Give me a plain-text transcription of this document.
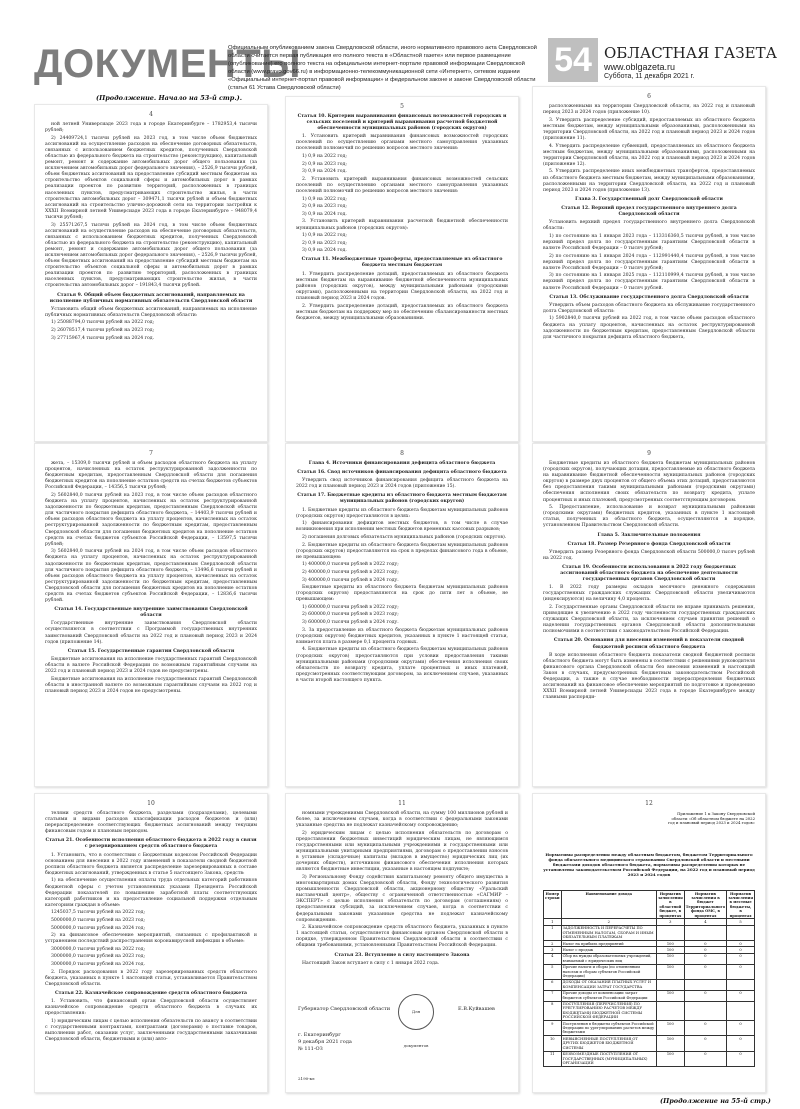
ДОКУМЕНТЫ
Официальным опубликованием закона Свердловской области, иного нормативного правового акта Свердловской области считается первая публикация его полного текста в «Областной газете» или первое размещение (опубликование) его полного текста на официальном интернет-портале правовой информации Свердловской области (www.pravo.gov66.ru) в информационно-телекоммуникационной сети «Интернет», сетевом издании «Официальный интернет-портал правовой информации» и федеральном законе и законе Свердловской области (статья 61 Устава Свердловской области)
54 ОБЛАСТНАЯ ГАЗЕТА
www.oblgazeta.ru
Суббота, 11 декабря 2021 г.
(Продолжение. Начало на 53-й стр.).
4

ной летней Универсиаде 2023 года в городе Екатеринбурге – 1782953,4 тысячи рублей;

2) 24409724,1 тысячи рублей на 2023 год, в том числе объем бюджетных ассигнований на осуществление расходов на обеспечение договорных обязательств, связанных с использованием бюджетных кредитов, полученных Свердловской областью из федерального бюджета на строительство (реконструкцию), капитальный ремонт, ремонт и содержание автомобильных дорог общего пользования (за исключением автомобильных дорог федерального значения), – 2526,9 тысячи рублей, объем бюджетных ассигнований на предоставление субсидий местным бюджетам на строительство объектов социальной сферы и автомобильных дорог в рамках реализации проектов по развитию территорий, расположенных в границах населенных пунктов, предусматривающих строительство жилья, в части строительства автомобильных дорог – 309471,1 тысячи рублей и объем бюджетных ассигнований на строительство улично-дорожной сети на территории застройки к XXXII Всемирной летней Универсиаде 2023 года в городе Екатеринбурге – 948079,4 тысячи рублей;

3) 25571267,5 тысячи рублей на 2024 год, в том числе объем бюджетных ассигнований на осуществление расходов на обеспечение договорных обязательств, связанных с использованием бюджетных кредитов, полученных Свердловской областью из федерального бюджета на строительство (реконструкцию), капитальный ремонт, ремонт и содержание автомобильных дорог общего пользования (за исключением автомобильных дорог федерального значения), – 2526,9 тысячи рублей, объем бюджетных ассигнований на предоставление субсидий местным бюджетам на строительство объектов социальной сферы и автомобильных дорог в рамках реализации проектов по развитию территорий, расположенных в границах населенных пунктов, предусматривающих строительство жилья, в части строительства автомобильных дорог – 191843,4 тысячи рублей.

Статья 9. Общий объем бюджетных ассигнований, направляемых на исполнение публичных нормативных обязательств Свердловской области

Установить общий объем бюджетных ассигнований, направляемых на исполнение публичных нормативных обязательств Свердловской области:

1) 25088794,0 тысячи рублей на 2022 год;

2) 26078517,4 тысячи рублей на 2023 год;

3) 27715967,4 тысячи рублей на 2024 год.

5
Статья 10. Критерии выравнивания финансовых возможностей городских и сельских поселений и критерий выравнивания расчетной бюджетной обеспеченности муниципальных районов (городских округов)

1. Установить критерий выравнивания финансовых возможностей городских поселений по осуществлению органами местного самоуправления указанных поселений полномочий по решению вопросов местного значения:

1) 0,9 на 2022 год;

2) 0,9 на 2023 год;

3) 0,9 на 2024 год.

2. Установить критерий выравнивания финансовых возможностей сельских поселений по осуществлению органами местного самоуправления указанных поселений полномочий по решению вопросов местного значения:

1) 0,9 на 2022 год;

2) 0,9 на 2023 год;

3) 0,9 на 2024 год.

3. Установить критерий выравнивания расчетной бюджетной обеспеченности муниципальных районов (городских округов):

1) 0,9 на 2022 год;

2) 0,9 на 2023 год;

3) 0,9 на 2024 год.

Статья 11. Межбюджетные трансферты, предоставляемые из областного бюджета местным бюджетам

1. Утвердить распределение дотаций, предоставляемых из областного бюджета местным бюджетам на выравнивание бюджетной обеспеченности муниципальных районов (городских округов), между муниципальными районами (городскими округами), расположенными на территории Свердловской области, на 2022 год и плановый период 2023 и 2024 годов.

2. Утвердить распределение дотаций, предоставляемых из областного бюджета местным бюджетам на поддержку мер по обеспечению сбалансированности местных бюджетов, между муниципальными образованиями.

6

расположенными на территории Свердловской области, на 2022 год и плановый период 2023 и 2024 годов (приложение 10).

3. Утвердить распределение субсидий, предоставляемых из областного бюджета местным бюджетам, между муниципальными образованиями, расположенными на территории Свердловской области, на 2022 год и плановый период 2023 и 2024 годов (приложение 11).

4. Утвердить распределение субвенций, предоставляемых из областного бюджета местным бюджетам, между муниципальными образованиями, расположенными на территории Свердловской области, на 2022 год и плановый период 2023 и 2024 годов (приложение 12).

5. Утвердить распределение иных межбюджетных трансфертов, предоставляемых из областного бюджета местным бюджетам, между муниципальными образованиями, расположенными на территории Свердловской области, на 2022 год и плановый период 2023 и 2024 годов (приложение 13).

Глава 3. Государственный долг Свердловской области
Статья 12. Верхний предел государственного внутреннего долга Свердловской области

Установить верхний предел государственного внутреннего долга Свердловской области:

1) по состоянию на 1 января 2023 года – 113316360,5 тысячи рублей, в том числе верхний предел долга по государственным гарантиям Свердловской области в валюте Российской Федерации – 0 тысяч рублей;

2) по состоянию на 1 января 2024 года – 112991440,4 тысячи рублей, в том числе верхний предел долга по государственным гарантиям Свердловской области в валюте Российской Федерации – 0 тысяч рублей;

3) по состоянию на 1 января 2025 года – 112110999,4 тысячи рублей, в том числе верхний предел долга по государственным гарантиям Свердловской области в валюте Российской Федерации – 0 тысяч рублей.

Статья 13. Обслуживание государственного долга Свердловской области

Утвердить объем расходов областного бюджета на обслуживание государственного долга Свердловской области:

1) 5902840,0 тысячи рублей на 2022 год, в том числе объем расходов областного бюджета на уплату процентов, начисленных на остаток реструктурированной задолженности по бюджетным кредитам, предоставленным Свердловской области для частичного покрытия дефицита областного бюджета,

7

жета, – 15309,0 тысячи рублей и объем расходов областного бюджета на уплату процентов, начисленных на остаток реструктурированной задолженности по бюджетным кредитам, предоставленным Свердловской области для погашения бюджетных кредитов на пополнение остатков средств на счетах бюджетов субъектов Российской Федерации, – 14356,5 тысячи рублей;

2) 5602840,0 тысячи рублей на 2023 год, в том числе объем расходов областного бюджета на уплату процентов, начисленных на остаток реструктурированной задолженности по бюджетным кредитам, предоставленным Свердловской области для частичного покрытия дефицита областного бюджета, – 14403,9 тысячи рублей и объем расходов областного бюджета на уплату процентов, начисленных на остаток реструктурированной задолженности по бюджетным кредитам, предоставленным Свердловской области для погашения бюджетных кредитов на пополнение остатков средств на счетах бюджетов субъектов Российской Федерации, – 13597,5 тысячи рублей;

3) 5602840,0 тысячи рублей на 2024 год, в том числе объем расходов областного бюджета на уплату процентов, начисленных на остаток реструктурированной задолженности по бюджетным кредитам, предоставленным Свердловской области для частичного покрытия дефицита областного бюджета, – 13496,6 тысячи рублей и объем расходов областного бюджета на уплату процентов, начисленных на остаток реструктурированной задолженности по бюджетным кредитам, предоставленным Свердловской области для погашения бюджетных кредитов на пополнение остатков средств на счетах бюджетов субъектов Российской Федерации, – 12836,6 тысячи рублей.

Статья 14. Государственные внутренние заимствования Свердловской области

Государственные внутренние заимствования Свердловской области осуществляются в соответствии с Программой государственных внутренних заимствований Свердловской области на 2022 год и плановый период 2023 и 2024 годов (приложение 14).

Статья 15. Государственные гарантии Свердловской области

Бюджетные ассигнования на исполнение государственных гарантий Свердловской области в валюте Российской Федерации по возможным гарантийным случаям на 2022 год и плановый период 2023 и 2024 годов не предусмотрены.

Бюджетные ассигнования на исполнение государственных гарантий Свердловской области в иностранной валюте по возможным гарантийным случаям на 2022 год и плановый период 2023 и 2024 годов не предусмотрены.

8
Глава 4. Источники финансирования дефицита областного бюджета
Статья 16. Свод источников финансирования дефицита областного бюджета

Утвердить свод источников финансирования дефицита областного бюджета на 2022 год и плановый период 2023 и 2024 годов (приложение 15).

Статья 17. Бюджетные кредиты из областного бюджета местным бюджетам муниципальных районов (городских округов)

1. Бюджетные кредиты из областного бюджета бюджетам муниципальных районов (городских округов) предоставляются в целях:

1) финансирования дефицитов местных бюджетов, в том числе в случае возникновения при исполнении местных бюджетов временных кассовых разрывов;

2) погашения долговых обязательств муниципальных районов (городских округов).

2. Бюджетные кредиты из областного бюджета бюджетам муниципальных районов (городских округов) предоставляются на срок в пределах финансового года в объеме, не превышающем:

1) 400000,0 тысячи рублей в 2022 году;

2) 400000,0 тысячи рублей в 2023 году;

3) 400000,0 тысячи рублей в 2024 году.

Бюджетные кредиты из областного бюджета бюджетам муниципальных районов (городских округов) предоставляются на срок до пяти лет в объеме, не превышающем:

1) 600000,0 тысячи рублей в 2022 году;

2) 600000,0 тысячи рублей в 2023 году;

3) 600000,0 тысячи рублей в 2024 году.

3. За предоставление из областного бюджета бюджетам муниципальных районов (городских округов) бюджетных кредитов, указанных в пункте 1 настоящей статьи, взимается плата в размере 0,1 процента годовых.

4. Бюджетные кредиты из областного бюджета бюджетам муниципальных районов (городских округов) предоставляются при условии предоставления такими муниципальными районами (городскими округами) обеспечения исполнения своих обязательств по возврату кредита, уплате процентных и иных платежей, предусмотренных соответствующим договором, за исключением случаев, указанных в части второй настоящего пункта.

9

Бюджетные кредиты из областного бюджета бюджетам муниципальных районов (городских округов), получающих дотации, предоставляемые из областного бюджета на выравнивание бюджетной обеспеченности муниципальных районов (городских округов) в размере двух процентов от общего объема этих дотаций, предоставляются без предоставления такими муниципальными районами (городскими округами) обеспечения исполнения своих обязательств по возврату кредита, уплате процентных и иных платежей, предусмотренных соответствующим договором.

5. Предоставление, использование и возврат муниципальными районами (городскими округами) бюджетных кредитов, указанных в пункте 1 настоящей статьи, полученных из областного бюджета, осуществляются в порядке, установленном Правительством Свердловской области.

Глава 5. Заключительные положения
Статья 18. Размер Резервного фонда Свердловской области

Утвердить размер Резервного фонда Свердловской области 500000,0 тысяч рублей на 2022 год.

Статья 19. Особенности использования в 2022 году бюджетных ассигнований областного бюджета на обеспечение деятельности государственных органов Свердловской области

1. В 2022 году размеры окладов месячного денежного содержания государственных гражданских служащих Свердловской области увеличиваются (индексируются) на величину 4,0 процента.

2. Государственные органы Свердловской области не вправе принимать решения, приводящие к увеличению в 2022 году численности государственных гражданских служащих Свердловской области, за исключением случаев принятия решений о наделении государственных органов Свердловской области дополнительными полномочиями в соответствии с законодательством Российской Федерации.

Статья 20. Основания для внесения изменений в показатели сводной бюджетной росписи областного бюджета

В ходе исполнения областного бюджета показатели сводной бюджетной росписи областного бюджета могут быть изменены в соответствии с решениями руководителя финансового органа Свердловской области без внесения изменений в настоящий Закон в случаях, предусмотренных бюджетным законодательством Российской Федерации, а также в случае необходимости перераспределения бюджетных ассигнований на финансовое обеспечение мероприятий по подготовке и проведению XXXII Всемирной летней Универсиады 2023 года в городе Екатеринбурге между главными распоряди-

10

телями средств областного бюджета, разделами (подразделами), целевыми статьями и видами расходов классификации расходов бюджетов и (или) перераспределение соответствующих бюджетных ассигнований между текущим финансовым годом и плановым периодом.

Статья 21. Особенности исполнения областного бюджета в 2022 году в связи с резервированием средств областного бюджета

1. Установить, что в соответствии с Бюджетным кодексом Российской Федерации основанием для внесения в 2022 году изменений в показатели сводной бюджетной росписи областного бюджета является распределение зарезервированных в составе бюджетных ассигнований, утвержденных в статье 5 настоящего Закона, средств:

1) на обеспечение осуществления оплаты труда отдельных категорий работников бюджетной сферы с учетом установленных указами Президента Российской Федерации показателей по повышению заработной платы соответствующих категорий работников и на предоставление социальной поддержки отдельным категориям граждан в объеме:

1245037,5 тысячи рублей на 2022 год;

5000000,0 тысячи рублей на 2023 год;

5000000,0 тысячи рублей на 2024 год;

2) на финансовое обеспечение мероприятий, связанных с профилактикой и устранением последствий распространения коронавирусной инфекции в объеме:

3000000,0 тысячи рублей на 2022 год;

3000000,0 тысячи рублей на 2023 год;

3000000,0 тысячи рублей на 2024 год.

2. Порядок расходования в 2022 году зарезервированных средств областного бюджета, указанных в пункте 1 настоящей статьи, устанавливается Правительством Свердловской области.

Статья 22. Казначейское сопровождение средств областного бюджета

1. Установить, что финансовый орган Свердловской области осуществляет казначейское сопровождение средств областного бюджета в случаях их предоставления:

1) юридическим лицам с целью исполнения обязательств по авансу в соответствии с государственными контрактами, контрактами (договорами) о поставке товаров, выполнении работ, оказании услуг, заключенными государственными заказчиками Свердловской области, бюджетными и (или) авто-

11

номными учреждениями Свердловской области, на сумму 100 миллионов рублей и более, за исключением случаев, когда в соответствии с федеральными законами указанные средства не подлежат казначейскому сопровождению;

2) юридическим лицам с целью исполнения обязательств по договорам о предоставлении бюджетных инвестиций юридическим лицам, не являющимся государственными или муниципальными учреждениями и государственными или муниципальными унитарными предприятиями, договорам о предоставлении взносов в уставные (складочные) капиталы (вкладов в имущество) юридических лиц (их дочерних обществ), источником финансового обеспечения исполнения которых являются бюджетные инвестиции, указанные в настоящем подпункте;

3) Региональному Фонду содействия капитальному ремонту общего имущества в многоквартирных домах Свердловской области, Фонду технологического развития промышленности Свердловской области, акционерному обществу «Уральский выставочный центр», обществу с ограниченной ответственностью «САГМИР – ЭКСПЕРТ» с целью исполнения обязательств по договорам (соглашениям) о предоставлении субсидий, за исключением случаев, когда в соответствии с федеральными законами указанные средства не подлежат казначейскому сопровождению.

2. Казначейское сопровождение средств областного бюджета, указанных в пункте 1 настоящей статьи, осуществляется финансовым органом Свердловской области в порядке, утвержденном Правительством Свердловской области в соответствии с общими требованиями, установленными Правительством Российской Федерации.

Статья 23. Вступление в силу настоящего Закона

Настоящий Закон вступает в силу с 1 января 2022 года.

Губернатор Свердловской области	Для документов
Е.В.Куйвашев
г. Екатеринбург
9 декабря 2021 года
№ 111-ОЗ
2190-кл
12
Приложение 1 к Закону Свердловской области «Об областном бюджете на 2022 год и плановый период 2023 и 2024 годов»
Нормативы распределения между областным бюджетом, бюджетом Территориального фонда обязательного медицинского страхования Свердловской области и местными бюджетами доходов областного бюджета, нормативы распределения которых не установлены законодательством Российской Федерации, на 2022 год и плановый период 2023 и 2024 годов
Номер строки	Наименование дохода	Норматив зачисления в областной бюджет, в процентах	Норматив зачисления в бюджет Территориального фонда ОМС, в процентах	Норматив зачисления в местные бюджеты, в процентах
1	2	3	4	5
1	ЗАДОЛЖЕННОСТЬ И ПЕРЕРАСЧЕТЫ ПО ОТМЕНЕННЫМ НАЛОГАМ, СБОРАМ И ИНЫМ ОБЯЗАТЕЛЬНЫМ ПЛАТЕЖАМ			
2	Налог на прибыль предприятий	100	0	0
3	Налог с продаж	100	0	0
4	Сбор на нужды образовательных учреждений, взимаемый с юридических лиц	100	0	0
5	Прочие налоги и сборы (по отмененным налогам и сборам субъектов Российской Федерации)	100	0	0
6	ДОХОДЫ ОТ ОКАЗАНИЯ ПЛАТНЫХ УСЛУГ И КОМПЕНСАЦИИ ЗАТРАТ ГОСУДАРСТВА			
7	Прочие доходы от компенсации затрат бюджетов субъектов Российской Федерации	100	0	0
8	ПОСТУПЛЕНИЯ (ПЕРЕЧИСЛЕНИЯ) ПО УРЕГУЛИРОВАНИЮ РАСЧЕТОВ МЕЖДУ БЮДЖЕТАМИ БЮДЖЕТНОЙ СИСТЕМЫ РОССИЙСКОЙ ФЕДЕРАЦИИ			
9	Поступления в бюджеты субъектов Российской Федерации по урегулированию расчетов между бюджетами	100	0	0
10	НЕВЫЯСНЕННЫЕ ПОСТУПЛЕНИЯ ОТ ДРУГИХ БЮДЖЕТОВ БЮДЖЕТНОЙ СИСТЕМЫ	100	0	0
11	БЕЗВОЗМЕЗДНЫЕ ПОСТУПЛЕНИЯ ОТ ГОСУДАРСТВЕННЫХ (МУНИЦИПАЛЬНЫХ) ОРГАНИЗАЦИЙ	100	0	0
(Продолжение на 55-й стр.)
